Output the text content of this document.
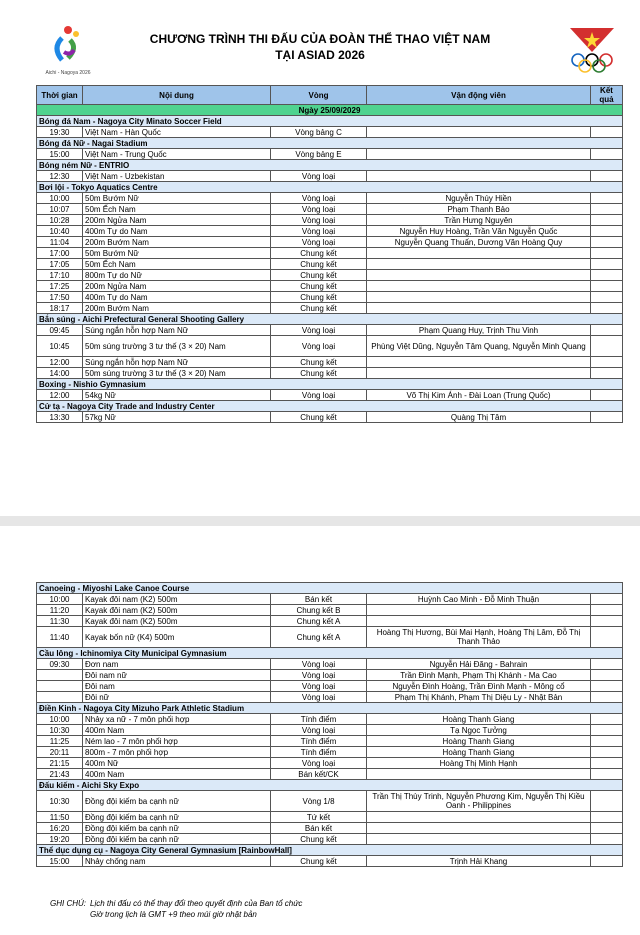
Aichi - Nagoya 2026
CHƯƠNG TRÌNH THI ĐẤU CỦA ĐOÀN THỂ THAO VIỆT NAM
TẠI ASIAD 2026
Thời gian	Nội dung	Vòng	Vận động viên	Kết quả
Ngày 25/09/2029				
Bóng đá Nam - Nagoya City Minato Soccer Field				
19:30	Việt Nam - Hàn Quốc	Vòng bảng C		
Bóng đá Nữ - Nagai Stadium				
15:00	Việt Nam - Trung Quốc	Vòng bảng E		
Bóng ném Nữ - ENTRIO				
12:30	Việt Nam - Uzbekistan	Vòng loại		
Bơi lội - Tokyo Aquatics Centre				
10:00	50m Bướm Nữ	Vòng loại	Nguyễn Thúy Hiền	
10:07	50m Ếch Nam	Vòng loại	Phạm Thanh Bảo	
10:28	200m Ngửa Nam	Vòng loại	Trần Hưng Nguyên	
10:40	400m Tự do Nam	Vòng loại	Nguyễn Huy Hoàng, Trần Văn Nguyễn Quốc	
11:04	200m Bướm Nam	Vòng loại	Nguyễn Quang Thuấn, Dương Văn Hoàng Quy	
17:00	50m Bướm Nữ	Chung kết		
17:05	50m Ếch Nam	Chung kết		
17:10	800m Tự do Nữ	Chung kết		
17:25	200m Ngửa Nam	Chung kết		
17:50	400m Tự do Nam	Chung kết		
18:17	200m Bướm Nam	Chung kết		
Bắn súng - Aichi Prefectural General Shooting Gallery				
09:45	Súng ngắn hỗn hợp Nam Nữ	Vòng loại	Phạm Quang Huy, Trịnh Thu Vinh	
10:45	50m súng trường 3 tư thế (3 × 20) Nam	Vòng loại	Phùng Việt Dũng, Nguyễn Tâm Quang, Nguyễn Minh Quang	
12:00	Súng ngắn hỗn hợp Nam Nữ	Chung kết		
14:00	50m súng trường 3 tư thế (3 × 20) Nam	Chung kết		
Boxing - Nishio Gymnasium				
12:00	54kg Nữ	Vòng loại	Võ Thị Kim Ánh - Đài Loan (Trung Quốc)	
Cử tạ - Nagoya City Trade and Industry Center				
13:30	57kg Nữ	Chung kết	Quàng Thị Tâm	
Canoeing - Miyoshi Lake Canoe Course				
10:00	Kayak đôi nam (K2) 500m	Bán kết	Huỳnh Cao Minh - Đỗ Minh Thuận	
11:20	Kayak đôi nam (K2) 500m	Chung kết B		
11:30	Kayak đôi nam (K2) 500m	Chung kết A		
11:40	Kayak bốn nữ (K4) 500m	Chung kết A	Hoàng Thị Hương, Bùi Mai Hạnh, Hoàng Thị Lâm, Đỗ Thị Thanh Thảo	
Cầu lông - Ichinomiya City Municipal Gymnasium				
09:30	Đơn nam	Vòng loại	Nguyễn Hải Đăng - Bahrain	
	Đôi nam nữ	Vòng loại	Trần Đình Mạnh, Phạm Thị Khánh - Ma Cao	
	Đôi nam	Vòng loại	Nguyễn Đình Hoàng, Trần Đình Mạnh - Mông cổ	
	Đôi nữ	Vòng loại	Phạm Thị Khánh, Phạm Thị Diệu Ly - Nhật Bản	
Điền Kinh - Nagoya City Mizuho Park Athletic Stadium				
10:00	Nhảy xa nữ - 7 môn phối hợp	Tính điểm	Hoàng Thanh Giang	
10:30	400m Nam	Vòng loại	Tạ Ngọc Tưởng	
11:25	Ném lao - 7 môn phối hợp	Tính điểm	Hoàng Thanh Giang	
20:11	800m - 7 môn phối hợp	Tính điểm	Hoàng Thanh Giang	
21:15	400m Nữ	Vòng loại	Hoàng Thị Minh Hạnh	
21:43	400m Nam	Bán kết/CK		
Đấu kiếm - Aichi Sky Expo				
10:30	Đồng đội kiếm ba cạnh nữ	Vòng 1/8	Trần Thị Thùy Trinh, Nguyễn Phương Kim, Nguyễn Thị Kiều Oanh - Philippines	
11:50	Đồng đội kiếm ba cạnh nữ	Tứ kết		
16:20	Đồng đội kiếm ba cạnh nữ	Bán kết		
19:20	Đồng đội kiếm ba cạnh nữ	Chung kết		
Thể dục dụng cụ - Nagoya City General Gymnasium [RainbowHall]				
15:00	Nhảy chống nam	Chung kết	Trịnh Hải Khang	
GHI CHÚ: Lịch thi đấu có thể thay đổi theo quyết định của Ban tổ chức
Giờ trong lịch là GMT +9 theo múi giờ nhật bản
